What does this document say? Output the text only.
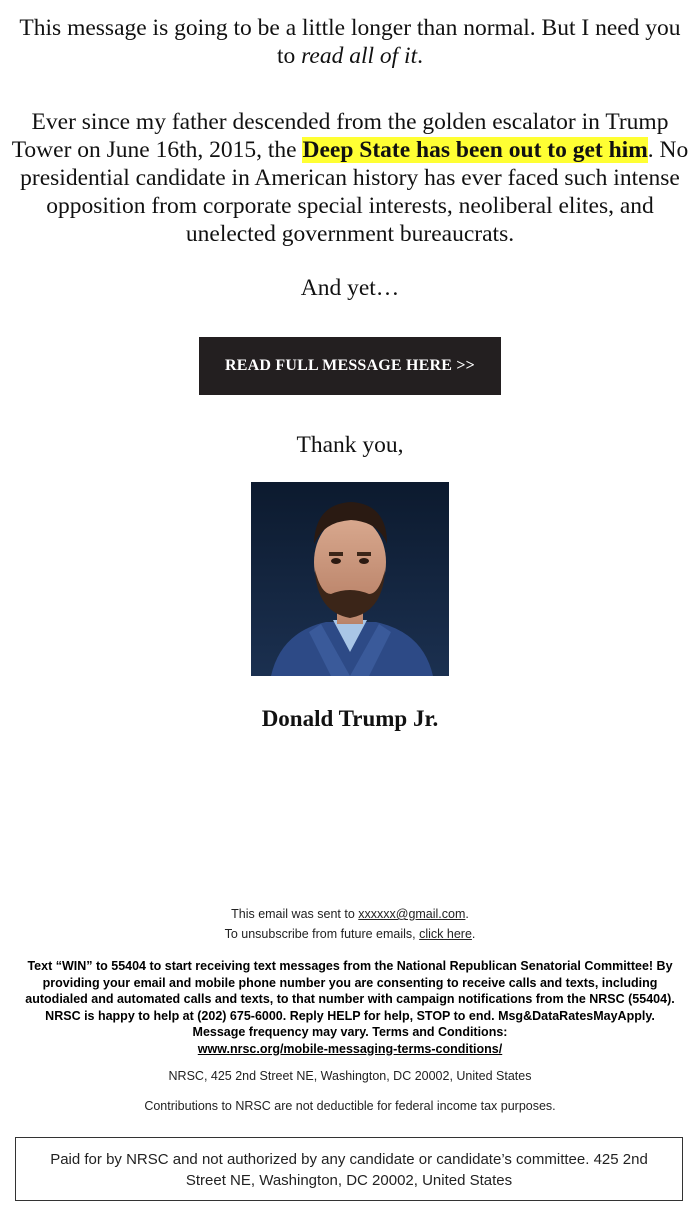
This message is going to be a little longer than normal. But I need you to read all of it.

Ever since my father descended from the golden escalator in Trump Tower on June 16th, 2015, the Deep State has been out to get him. No presidential candidate in American history has ever faced such intense opposition from corporate special interests, neoliberal elites, and unelected government bureaucrats.

And yet…

READ FULL MESSAGE HERE >>

Thank you,

Donald Trump Jr.
This email was sent to xxxxxx@gmail.com.
To unsubscribe from future emails, click here.
Text “WIN” to 55404 to start receiving text messages from the National Republican Senatorial Committee! By providing your email and mobile phone number you are consenting to receive calls and texts, including autodialed and automated calls and texts, to that number with campaign notifications from the NRSC (55404). NRSC is happy to help at (202) 675-6000. Reply HELP for help, STOP to end. Msg&DataRatesMayApply. Message frequency may vary. Terms and Conditions:
www.nrsc.org/mobile-messaging-terms-conditions/
NRSC, 425 2nd Street NE, Washington, DC 20002, United States
Contributions to NRSC are not deductible for federal income tax purposes.
Paid for by NRSC and not authorized by any candidate or candidate’s committee. 425 2nd Street NE, Washington, DC 20002, United States
